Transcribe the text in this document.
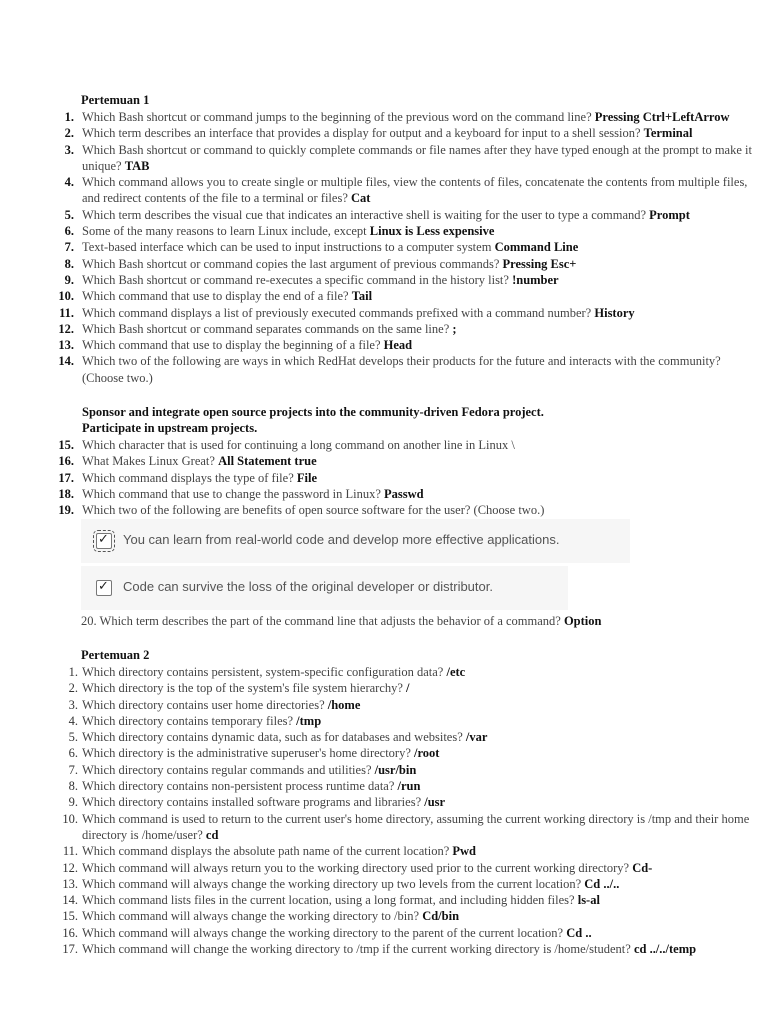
Pertemuan 1
1. Which Bash shortcut or command jumps to the beginning of the previous word on the command line? Pressing Ctrl+LeftArrow
2. Which term describes an interface that provides a display for output and a keyboard for input to a shell session? Terminal
3. Which Bash shortcut or command to quickly complete commands or file names after they have typed enough at the prompt to make it unique? TAB
4. Which command allows you to create single or multiple files, view the contents of files, concatenate the contents from multiple files, and redirect contents of the file to a terminal or files? Cat
5. Which term describes the visual cue that indicates an interactive shell is waiting for the user to type a command? Prompt
6. Some of the many reasons to learn Linux include, except Linux is Less expensive
7. Text-based interface which can be used to input instructions to a computer system Command Line
8. Which Bash shortcut or command copies the last argument of previous commands? Pressing Esc+
9. Which Bash shortcut or command re-executes a specific command in the history list? !number
10. Which command that use to display the end of a file? Tail
11. Which command displays a list of previously executed commands prefixed with a command number? History
12. Which Bash shortcut or command separates commands on the same line? ;
13. Which command that use to display the beginning of a file? Head
14. Which two of the following are ways in which RedHat develops their products for the future and interacts with the community? (Choose two.)
Sponsor and integrate open source projects into the community-driven Fedora project.
Participate in upstream projects.
15. Which character that is used for continuing a long command on another line in Linux \
16. What Makes Linux Great? All Statement true
17. Which command displays the type of file? File
18. Which command that use to change the password in Linux? Passwd
19. Which two of the following are benefits of open source software for the user? (Choose two.)
✓
You can learn from real-world code and develop more effective applications.
✓
Code can survive the loss of the original developer or distributor.
20. Which term describes the part of the command line that adjusts the behavior of a command? Option
Pertemuan 2
1. Which directory contains persistent, system-specific configuration data? /etc
2. Which directory is the top of the system's file system hierarchy? /
3. Which directory contains user home directories? /home
4. Which directory contains temporary files? /tmp
5. Which directory contains dynamic data, such as for databases and websites? /var
6. Which directory is the administrative superuser's home directory? /root
7. Which directory contains regular commands and utilities? /usr/bin
8. Which directory contains non-persistent process runtime data? /run
9. Which directory contains installed software programs and libraries? /usr
10. Which command is used to return to the current user's home directory, assuming the current working directory is /tmp and their home directory is /home/user? cd
11. Which command displays the absolute path name of the current location? Pwd
12. Which command will always return you to the working directory used prior to the current working directory? Cd-
13. Which command will always change the working directory up two levels from the current location? Cd ../..
14. Which command lists files in the current location, using a long format, and including hidden files? ls-al
15. Which command will always change the working directory to /bin? Cd/bin
16. Which command will always change the working directory to the parent of the current location? Cd ..
17. Which command will change the working directory to /tmp if the current working directory is /home/student? cd ../../temp
